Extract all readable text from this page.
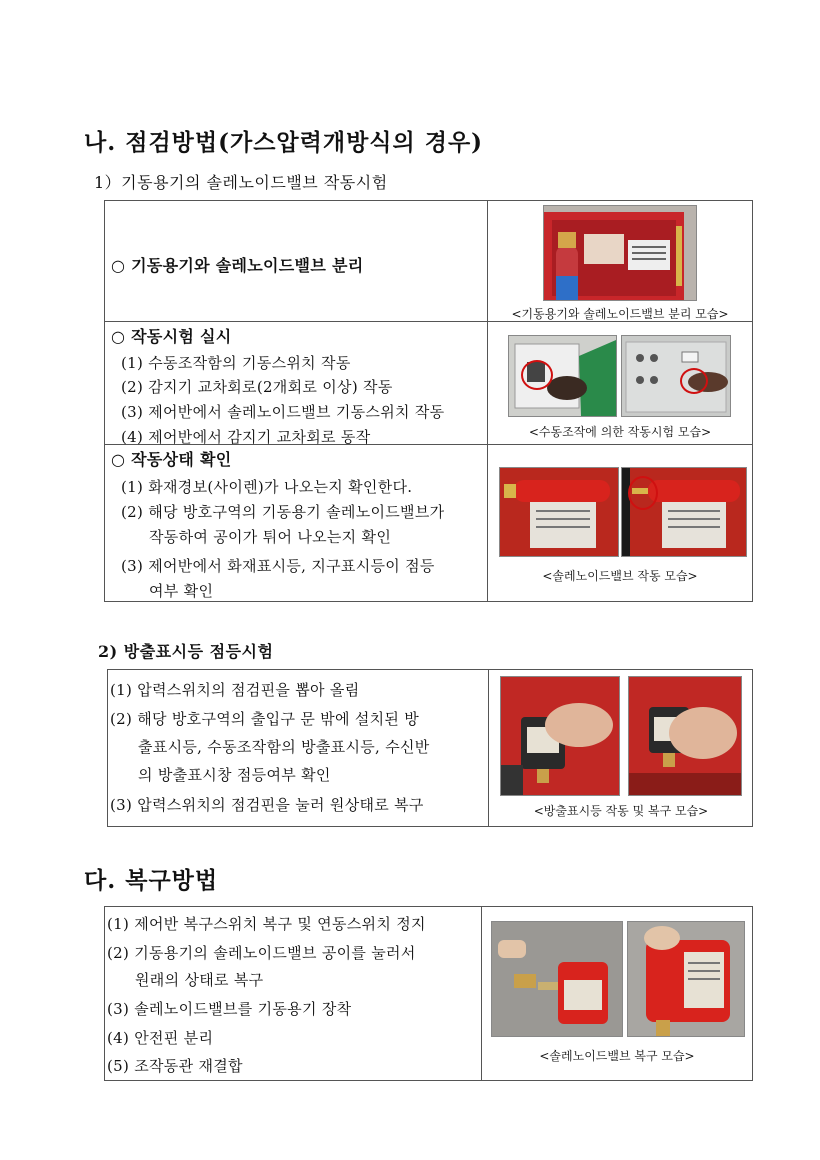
나. 점검방법(가스압력개방식의 경우)
1）기동용기의 솔레노이드밸브 작동시험
○ 기동용기와 솔레노이드밸브 분리
<기동용기와 솔레노이드밸브 분리 모습>
○ 작동시험 실시
(1) 수동조작함의 기동스위치 작동
(2) 감지기 교차회로(2개회로 이상) 작동
(3) 제어반에서 솔레노이드밸브 기동스위치 작동
(4) 제어반에서 감지기 교차회로 동작	<수동조작에 의한 작동시험 모습>
○ 작동상태 확인
(1) 화재경보(사이렌)가 나오는지 확인한다.
(2) 해당 방호구역의 기동용기 솔레노이드밸브가
작동하여 공이가 튀어 나오는지 확인
(3) 제어반에서 화재표시등, 지구표시등이 점등
여부 확인
<솔레노이드밸브 작동 모습>
2) 방출표시등 점등시험
(1) 압력스위치의 점검핀을 뽑아 올림
(2) 해당 방호구역의 출입구 문 밖에 설치된 방
출표시등, 수동조작함의 방출표시등, 수신반
의 방출표시창 점등여부 확인
(3) 압력스위치의 점검핀을 눌러 원상태로 복구	<방출표시등 작동 및 복구 모습>
다. 복구방법
(1) 제어반 복구스위치 복구 및 연동스위치 정지
(2) 기동용기의 솔레노이드밸브 공이를 눌러서
원래의 상태로 복구
(3) 솔레노이드밸브를 기동용기 장착
(4) 안전핀 분리
(5) 조작동관 재결합
<솔레노이드밸브 복구 모습>
